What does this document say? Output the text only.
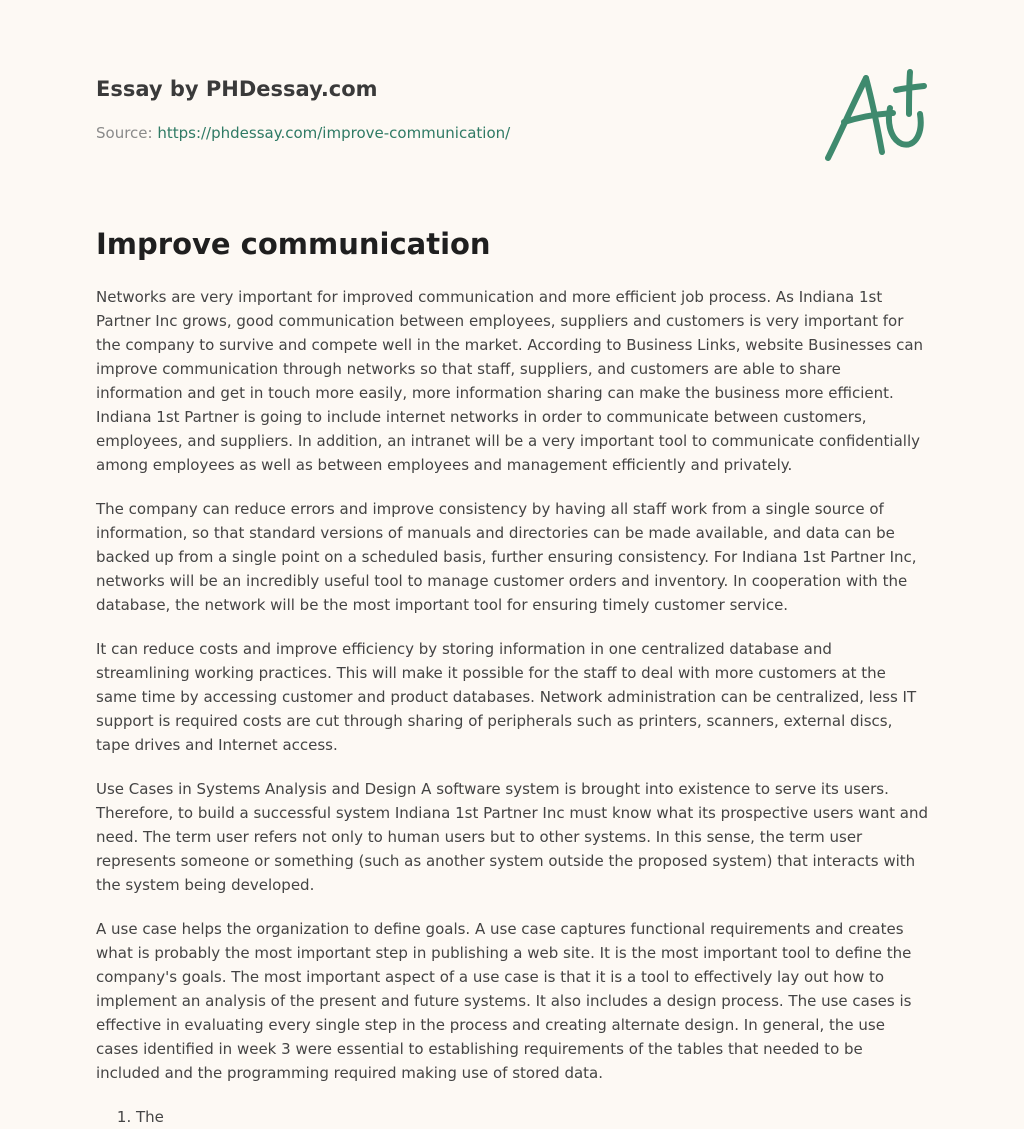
Essay by PHDessay.com
Source: https://phdessay.com/improve-communication/
Improve communication

Networks are very important for improved communication and more efficient job process. As Indiana 1st Partner Inc grows, good communication between employees, suppliers and customers is very important for the company to survive and compete well in the market. According to Business Links, website Businesses can improve communication through networks so that staff, suppliers, and customers are able to share information and get in touch more easily, more information sharing can make the business more efficient. Indiana 1st Partner is going to include internet networks in order to communicate between customers, employees, and suppliers. In addition, an intranet will be a very important tool to communicate confidentially among employees as well as between employees and management efficiently and privately.

The company can reduce errors and improve consistency by having all staff work from a single source of information, so that standard versions of manuals and directories can be made available, and data can be backed up from a single point on a scheduled basis, further ensuring consistency. For Indiana 1st Partner Inc, networks will be an incredibly useful tool to manage customer orders and inventory. In cooperation with the database, the network will be the most important tool for ensuring timely customer service.

It can reduce costs and improve efficiency by storing information in one centralized database and streamlining working practices. This will make it possible for the staff to deal with more customers at the same time by accessing customer and product databases. Network administration can be centralized, less IT support is required costs are cut through sharing of peripherals such as printers, scanners, external discs, tape drives and Internet access.

Use Cases in Systems Analysis and Design A software system is brought into existence to serve its users. Therefore, to build a successful system Indiana 1st Partner Inc must know what its prospective users want and need. The term user refers not only to human users but to other systems. In this sense, the term user represents someone or something (such as another system outside the proposed system) that interacts with the system being developed.

A use case helps the organization to define goals. A use case captures functional requirements and creates what is probably the most important step in publishing a web site. It is the most important tool to define the company's goals. The most important aspect of a use case is that it is a tool to effectively lay out how to implement an analysis of the present and future systems. It also includes a design process. The use cases is effective in evaluating every single step in the process and creating alternate design. In general, the use cases identified in week 3 were essential to establishing requirements of the tables that needed to be included and the programming required making use of stored data.

1. The
